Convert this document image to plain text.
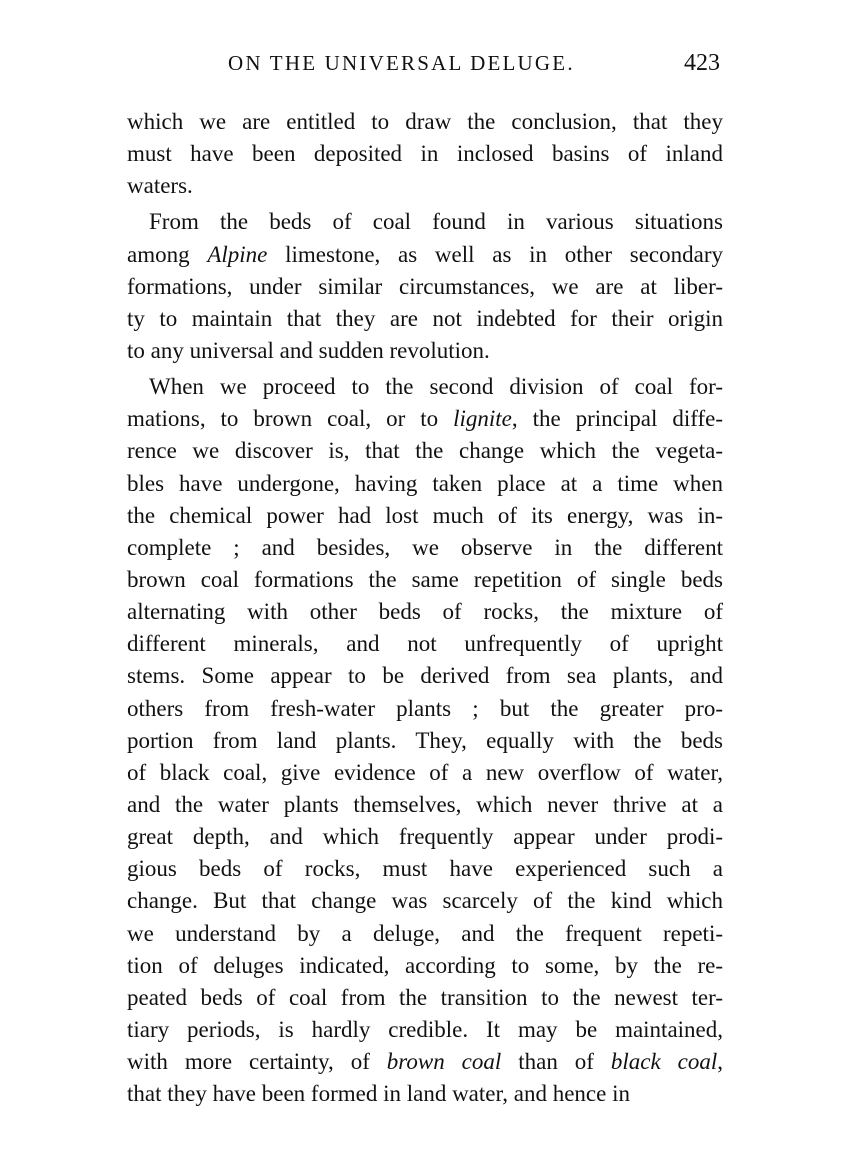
ON THE UNIVERSAL DELUGE.	423
which we are entitled to draw the conclusion, that they
must have been deposited in inclosed basins of inland
waters.
From the beds of coal found in various situations
among Alpine limestone, as well as in other secondary
formations, under similar circumstances, we are at liber-
ty to maintain that they are not indebted for their origin
to any universal and sudden revolution.
When we proceed to the second division of coal for-
mations, to brown coal, or to lignite, the principal diffe-
rence we discover is, that the change which the vegeta-
bles have undergone, having taken place at a time when
the chemical power had lost much of its energy, was in-
complete ; and besides, we observe in the different
brown coal formations the same repetition of single beds
alternating with other beds of rocks, the mixture of
different minerals, and not unfrequently of upright
stems. Some appear to be derived from sea plants, and
others from fresh-water plants ; but the greater pro-
portion from land plants. They, equally with the beds
of black coal, give evidence of a new overflow of water,
and the water plants themselves, which never thrive at a
great depth, and which frequently appear under prodi-
gious beds of rocks, must have experienced such a
change. But that change was scarcely of the kind which
we understand by a deluge, and the frequent repeti-
tion of deluges indicated, according to some, by the re-
peated beds of coal from the transition to the newest ter-
tiary periods, is hardly credible. It may be maintained,
with more certainty, of brown coal than of black coal,
that they have been formed in land water, and hence in
